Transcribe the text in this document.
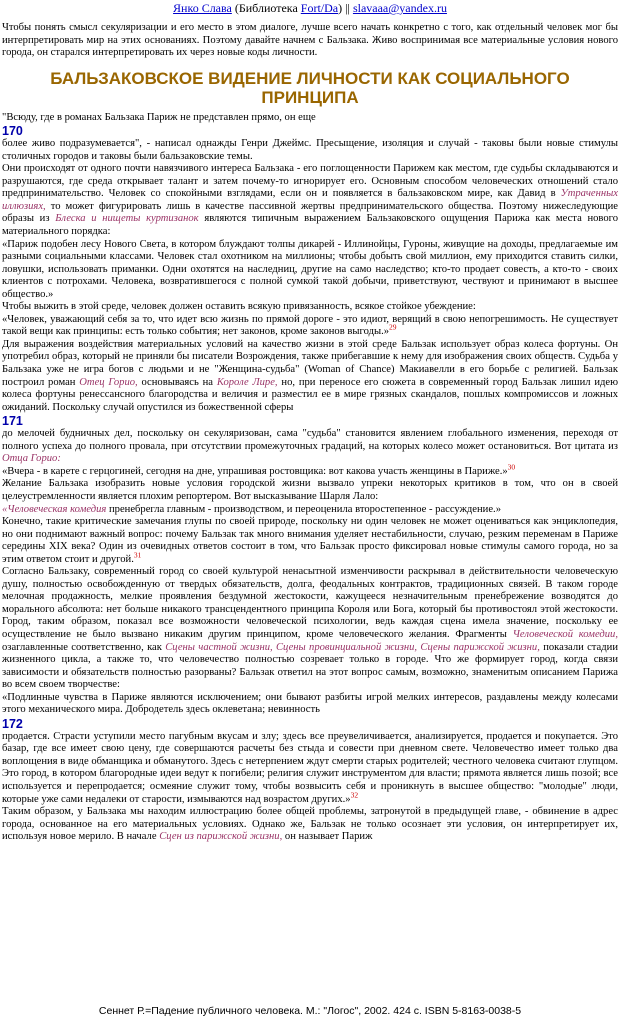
Янко Слава (Библиотека Fort/Da) || slavaaa@yandex.ru

Чтобы понять смысл секуляризации и его место в этом диалоге, лучше всего начать конкретно с того, как отдельный человек мог бы интерпретировать мир на этих основаниях. Поэтому давайте начнем с Бальзака. Живо воспринимая все материальные условия нового города, он старался интерпретировать их через новые коды личности.

БАЛЬЗАКОВСКОЕ ВИДЕНИЕ ЛИЧНОСТИ КАК СОЦИАЛЬНОГО ПРИНЦИПА

"Всюду, где в романах Бальзака Париж не представлен прямо, он еще

170

более живо подразумевается", - написал однажды Генри Джеймс. Пресыщение, изоляция и случай - таковы были новые стимулы столичных городов и таковы были бальзаковские темы.

Они происходят от одного почти навязчивого интереса Бальзака - его поглощенности Парижем как местом, где судьбы складываются и разрушаются, где среда открывает талант и затем почему-то игнорирует его. Основным способом человеческих отношений стало предпринимательство. Человек со спокойными взглядами, если он и появляется в бальзаковском мире, как Давид в Утраченных иллюзиях, то может фигурировать лишь в качестве пассивной жертвы предпринимательского общества. Поэтому нижеследующие образы из Блеска и нищеты куртизанок являются типичным выражением Бальзаковского ощущения Парижа как места нового материального порядка:

«Париж подобен лесу Нового Света, в котором блуждают толпы дикарей - Иллинойцы, Гуроны, живущие на доходы, предлагаемые им разными социальными классами. Человек стал охотником на миллионы; чтобы добыть свой миллион, ему приходится ставить силки, ловушки, использовать приманки. Одни охотятся на наследниц, другие на само наследство; кто-то продает совесть, а кто-то - своих клиентов с потрохами. Человека, возвратившегося с полной сумкой такой добычи, приветствуют, чествуют и принимают в высшее общество.»

Чтобы выжить в этой среде, человек должен оставить всякую привязанность, всякое стойкое убеждение:

«Человек, уважающий себя за то, что идет всю жизнь по прямой дороге - это идиот, верящий в свою непогрешимость. Не существует такой вещи как принципы: есть только события; нет законов, кроме законов выгоды.»$^{29}$

Для выражения воздействия материальных условий на качество жизни в этой среде Бальзак использует образ колеса фортуны. Он употребил образ, который не приняли бы писатели Возрождения, также прибегавшие к нему для изображения своих обществ. Судьба у Бальзака уже не игра богов с людьми и не "Женщина-судьба" (Woman of Chance) Макиавелли в его борьбе с религией. Бальзак построил роман Отец Горио, основываясь на Короле Лире, но, при переносе его сюжета в современный город Бальзак лишил идею колеса фортуны ренессансного благородства и величия и разместил ее в мире грязных скандалов, пошлых компромиссов и ложных ожиданий. Поскольку случай опустился из божественной сферы

171

до мелочей будничных дел, поскольку он секуляризован, сама "судьба" становится явлением глобального изменения, переходя от полного успеха до полного провала, при отсутствии промежуточных градаций, на которых колесо может остановиться. Вот цитата из Отца Горио:

«Вчера - в карете с герцогиней, сегодня на дне, упрашивая ростовщика: вот какова участь женщины в Париже.»$^{30}$

Желание Бальзака изобразить новые условия городской жизни вызвало упреки некоторых критиков в том, что он в своей целеустремленности является плохим репортером. Вот высказывание Шарля Лало:

«Человеческая комедия пренебрегла главным - производством, и переоценила второстепенное - рассуждение.»

Конечно, такие критические замечания глупы по своей природе, поскольку ни один человек не может оцениваться как энциклопедия, но они поднимают важный вопрос: почему Бальзак так много внимания уделяет нестабильности, случаю, резким переменам в Париже середины XIX века? Один из очевидных ответов состоит в том, что Бальзак просто фиксировал новые стимулы самого города, но за этим ответом стоит и другой.$^{31}$

Согласно Бальзаку, современный город со своей культурой ненасытной изменчивости раскрывал в действительности человеческую душу, полностью освобожденную от твердых обязательств, долга, феодальных контрактов, традиционных связей. В таком городе мелочная продажность, мелкие проявления бездумной жестокости, кажущееся незначительным пренебрежение возводятся до морального абсолюта: нет больше никакого трансцендентного принципа Короля или Бога, который бы противостоял этой жестокости. Город, таким образом, показал все возможности человеческой психологии, ведь каждая сцена имела значение, поскольку ее осуществление не было вызвано никаким другим принципом, кроме человеческого желания. Фрагменты Человеческой комедии, озаглавленные соответственно, как Сцены частной жизни, Сцены провинциальной жизни, Сцены парижской жизни, показали стадии жизненного цикла, а также то, что человечество полностью созревает только в городе. Что же формирует город, когда связи зависимости и обязательств полностью разорваны? Бальзак ответил на этот вопрос самым, возможно, знаменитым описанием Парижа во всем своем творчестве:

«Подлинные чувства в Париже являются исключением; они бывают разбиты игрой мелких интересов, раздавлены между колесами этого механического мира. Добродетель здесь оклеветана; невинность

172

продается. Страсти уступили место пагубным вкусам и злу; здесь все преувеличивается, анализируется, продается и покупается. Это базар, где все имеет свою цену, где совершаются расчеты без стыда и совести при дневном свете. Человечество имеет только два воплощения в виде обманщика и обманутого. Здесь с нетерпением ждут смерти старых родителей; честного человека считают глупцом. Это город, в котором благородные идеи ведут к погибели; религия служит инструментом для власти; прямота является лишь позой; все используется и перепродается; осмеяние служит тому, чтобы возвысить себя и проникнуть в высшее общество: "молодые" люди, которые уже сами недалеки от старости, измываются над возрастом других.»$^{32}$

Таким образом, у Бальзака мы находим иллюстрацию более общей проблемы, затронутой в предыдущей главе, - обвинение в адрес города, основанное на его материальных условиях. Однако же, Бальзак не только осознает эти условия, он интерпретирует их, используя новое мерило. В начале Сцен из парижской жизни, он называет Париж

Сеннет Р.=Падение публичного человека. М.: "Логос", 2002. 424 с. ISBN 5-8163-0038-5
